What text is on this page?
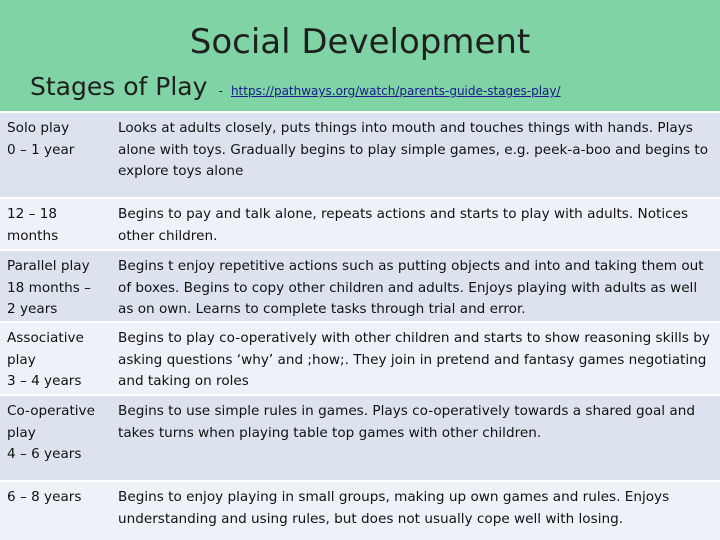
Social Development
Stages of Play - https://pathways.org/watch/parents-guide-stages-play/
Solo play
0 – 1 year
Looks at adults closely, puts things into mouth and touches things with hands. Plays alone with toys. Gradually begins to play simple games, e.g. peek-a-boo and begins to explore toys alone
12 – 18
months
Begins to pay and talk alone, repeats actions and starts to play with adults. Notices other children.
Parallel play
18 months –
2 years
Begins t enjoy repetitive actions such as putting objects and into and taking them out of boxes. Begins to copy other children and adults. Enjoys playing with adults as well as on own. Learns to complete tasks through trial and error.
Associative
play
3 – 4 years
Begins to play co-operatively with other children and starts to show reasoning skills by asking questions ‘why’ and ;how;. They join in pretend and fantasy games negotiating and taking on roles
Co-operative
play
4 – 6 years
Begins to use simple rules in games. Plays co-operatively towards a shared goal and takes turns when playing table top games with other children.
6 – 8 years	Begins to enjoy playing in small groups, making up own games and rules. Enjoys understanding and using rules, but does not usually cope well with losing.
